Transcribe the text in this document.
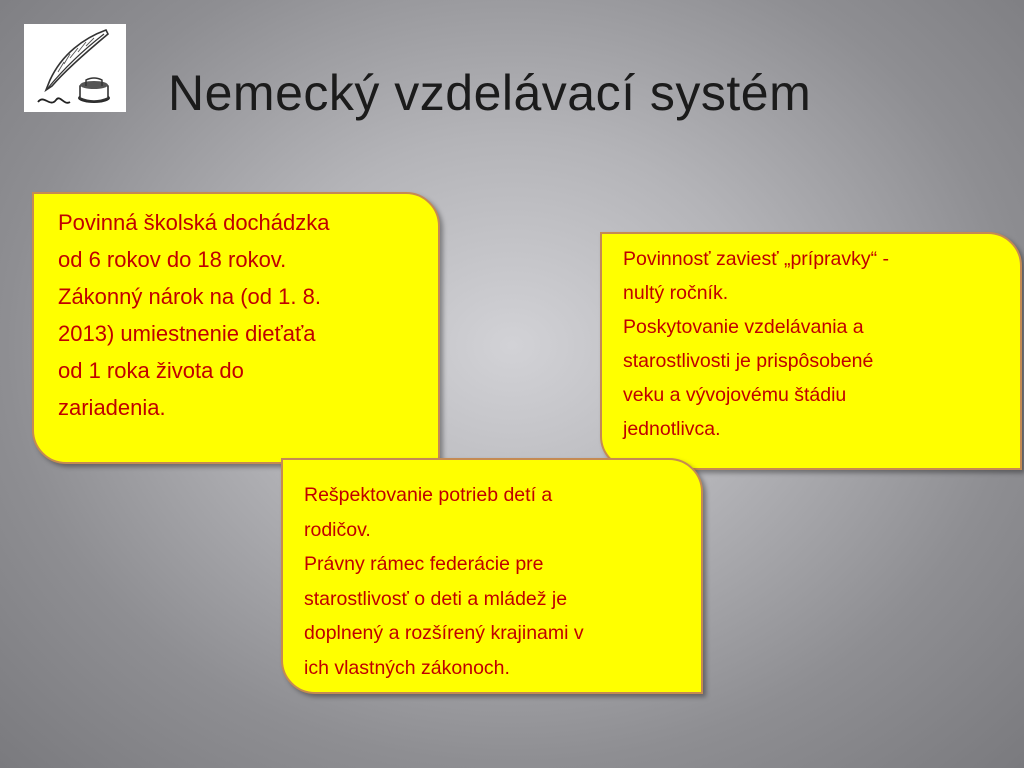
Nemecký vzdelávací systém
Povinná školská dochádzka
od 6 rokov do 18 rokov.
Zákonný nárok na (od 1. 8.
2013) umiestnenie dieťaťa
od 1 roka života do
zariadenia.
Povinnosť zaviesť „prípravky“ -
nultý ročník.
Poskytovanie vzdelávania a
starostlivosti je prispôsobené
veku a vývojovému štádiu
jednotlivca.
Rešpektovanie potrieb detí a
rodičov.
Právny rámec federácie pre
starostlivosť o deti a mládež je
doplnený a rozšírený krajinami v
ich vlastných zákonoch.
